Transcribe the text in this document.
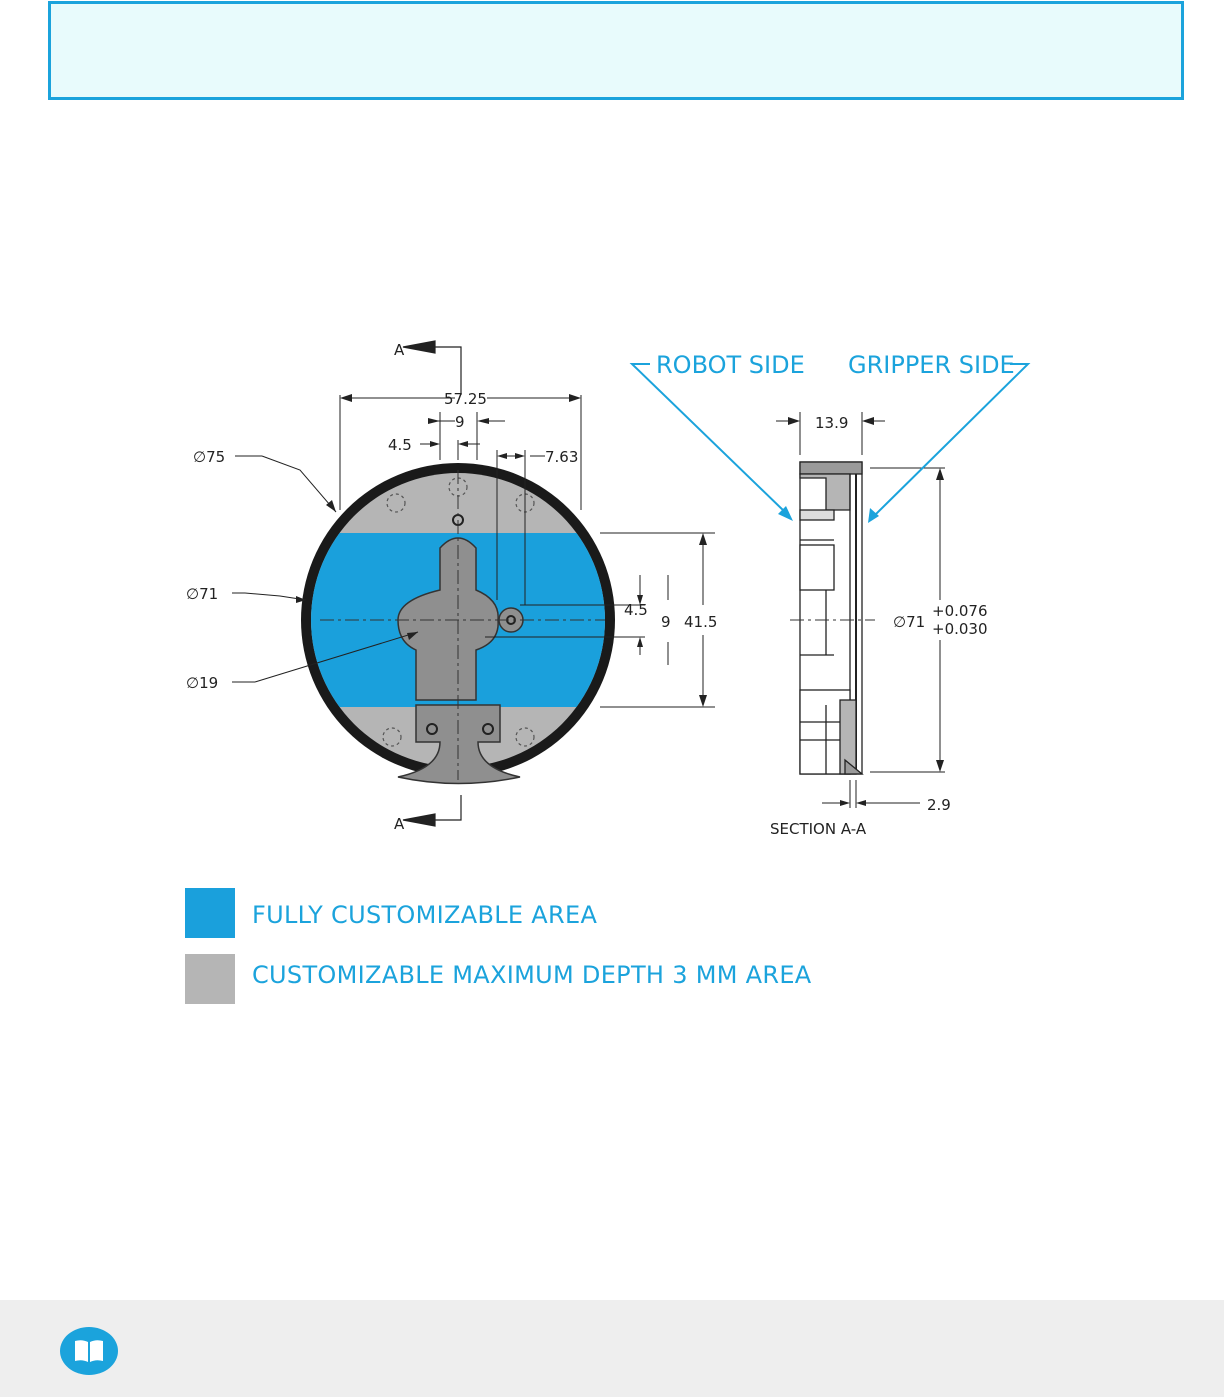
A
A
57.25
9
4.5
7.63
∅75
∅71
∅19
4.5
9 41.5
13.9
2.9
∅71
+0.076
+0.030
SECTION A-A
ROBOT SIDE GRIPPER SIDE
FULLY CUSTOMIZABLE AREA
CUSTOMIZABLE MAXIMUM DEPTH 3 MM AREA
